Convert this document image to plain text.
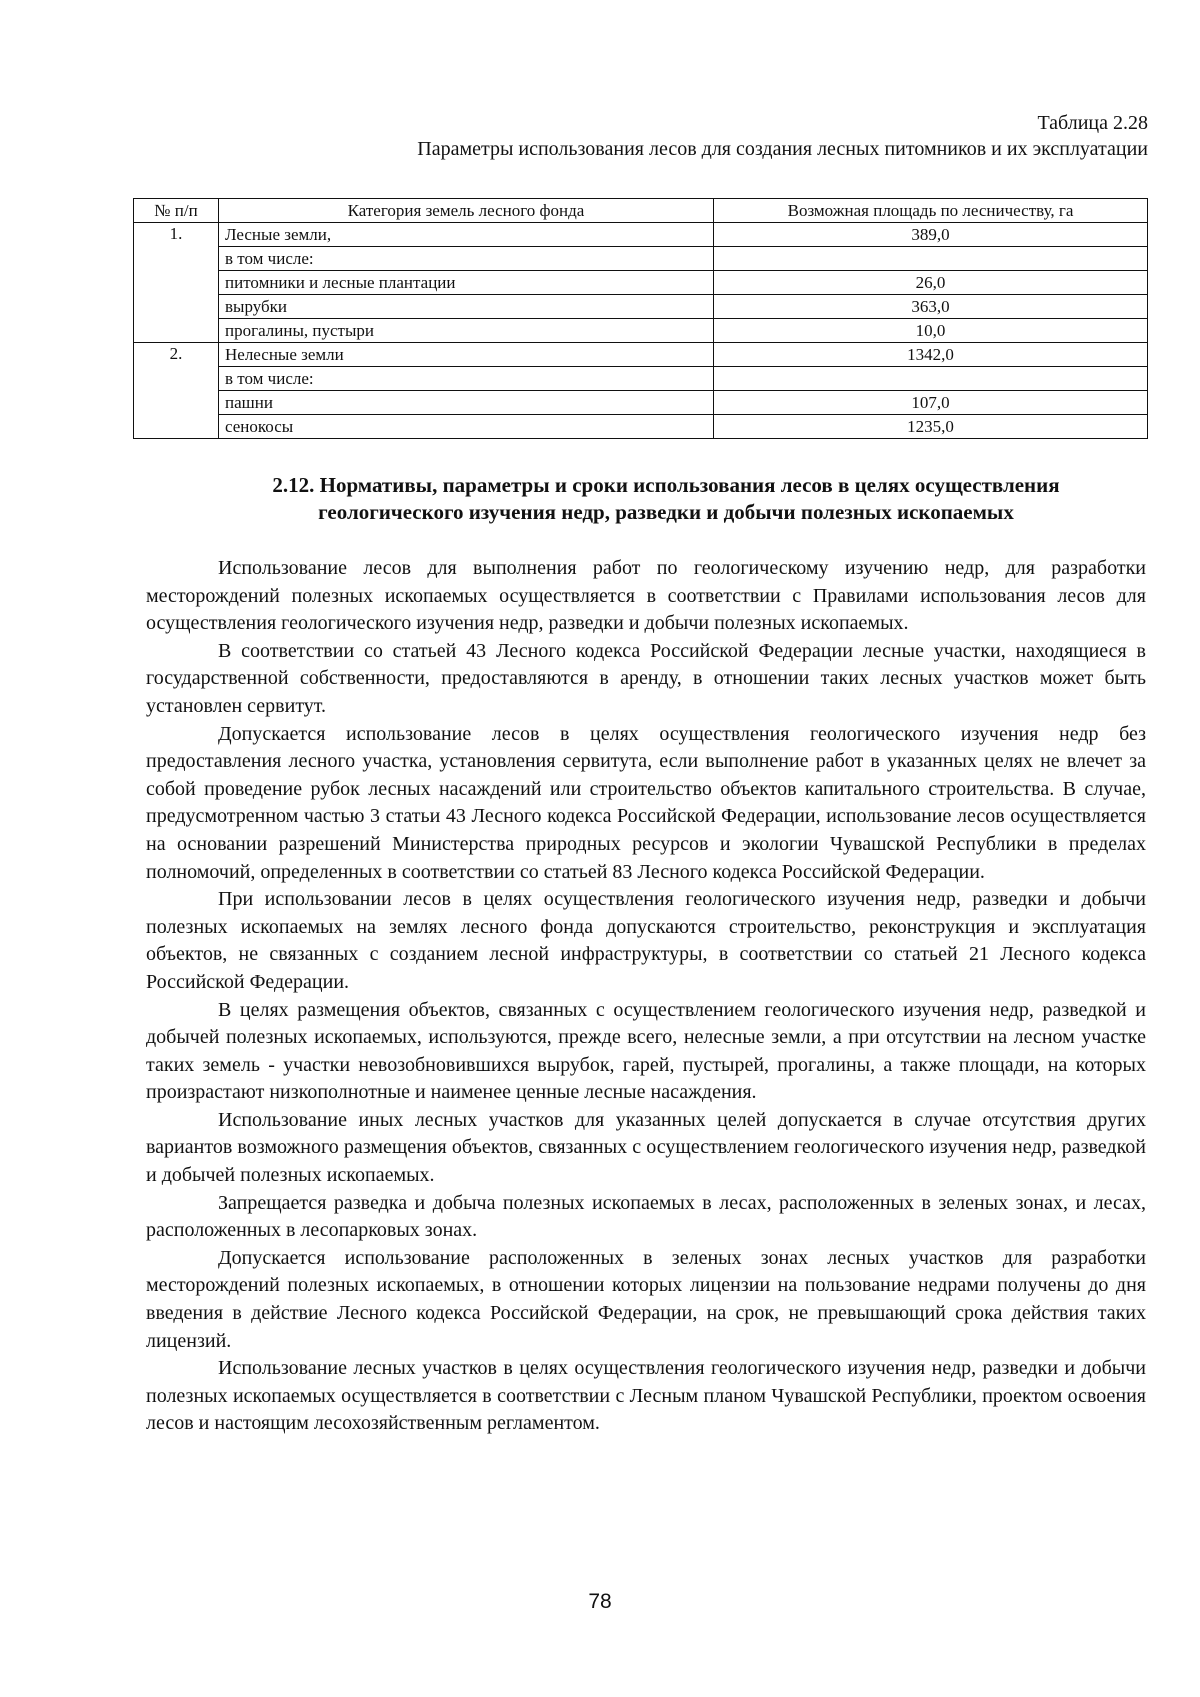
Таблица 2.28
Параметры использования лесов для создания лесных питомников и их эксплуатации
№ п/п	Категория земель лесного фонда	Возможная площадь по лесничеству, га
1.	Лесные земли,	389,0
	в том числе:	
	питомники и лесные плантации	26,0
	вырубки	363,0
	прогалины, пустыри	10,0
2.	Нелесные земли	1342,0
	в том числе:	
	пашни	107,0
	сенокосы	1235,0
2.12. Нормативы, параметры и сроки использования лесов в целях осуществления
геологического изучения недр, разведки и добычи полезных ископаемых

Использование лесов для выполнения работ по геологическому изучению недр, для разработки месторождений полезных ископаемых осуществляется в соответствии с Правилами использования лесов для осуществления геологического изучения недр, разведки и добычи полезных ископаемых.

В соответствии со статьей 43 Лесного кодекса Российской Федерации лесные участки, находящиеся в государственной собственности, предоставляются в аренду, в отношении таких лесных участков может быть установлен сервитут.

Допускается использование лесов в целях осуществления геологического изучения недр без предоставления лесного участка, установления сервитута, если выполнение работ в указанных целях не влечет за собой проведение рубок лесных насаждений или строительство объектов капитального строительства. В случае, предусмотренном частью 3 статьи 43 Лесного кодекса Российской Федерации, использование лесов осуществляется на основании разрешений Министерства природных ресурсов и экологии Чувашской Республики в пределах полномочий, определенных в соответствии со статьей 83 Лесного кодекса Российской Федерации.

При использовании лесов в целях осуществления геологического изучения недр, разведки и добычи полезных ископаемых на землях лесного фонда допускаются строительство, реконструкция и эксплуатация объектов, не связанных с созданием лесной инфраструктуры, в соответствии со статьей 21 Лесного кодекса Российской Федерации.

В целях размещения объектов, связанных с осуществлением геологического изучения недр, разведкой и добычей полезных ископаемых, используются, прежде всего, нелесные земли, а при отсутствии на лесном участке таких земель - участки невозобновившихся вырубок, гарей, пустырей, прогалины, а также площади, на которых произрастают низкополнотные и наименее ценные лесные насаждения.

Использование иных лесных участков для указанных целей допускается в случае отсутствия других вариантов возможного размещения объектов, связанных с осуществлением геологического изучения недр, разведкой и добычей полезных ископаемых.

Запрещается разведка и добыча полезных ископаемых в лесах, расположенных в зеленых зонах, и лесах, расположенных в лесопарковых зонах.

Допускается использование расположенных в зеленых зонах лесных участков для разработки месторождений полезных ископаемых, в отношении которых лицензии на пользование недрами получены до дня введения в действие Лесного кодекса Российской Федерации, на срок, не превышающий срока действия таких лицензий.

Использование лесных участков в целях осуществления геологического изучения недр, разведки и добычи полезных ископаемых осуществляется в соответствии с Лесным планом Чувашской Республики, проектом освоения лесов и настоящим лесохозяйственным регламентом.

78
